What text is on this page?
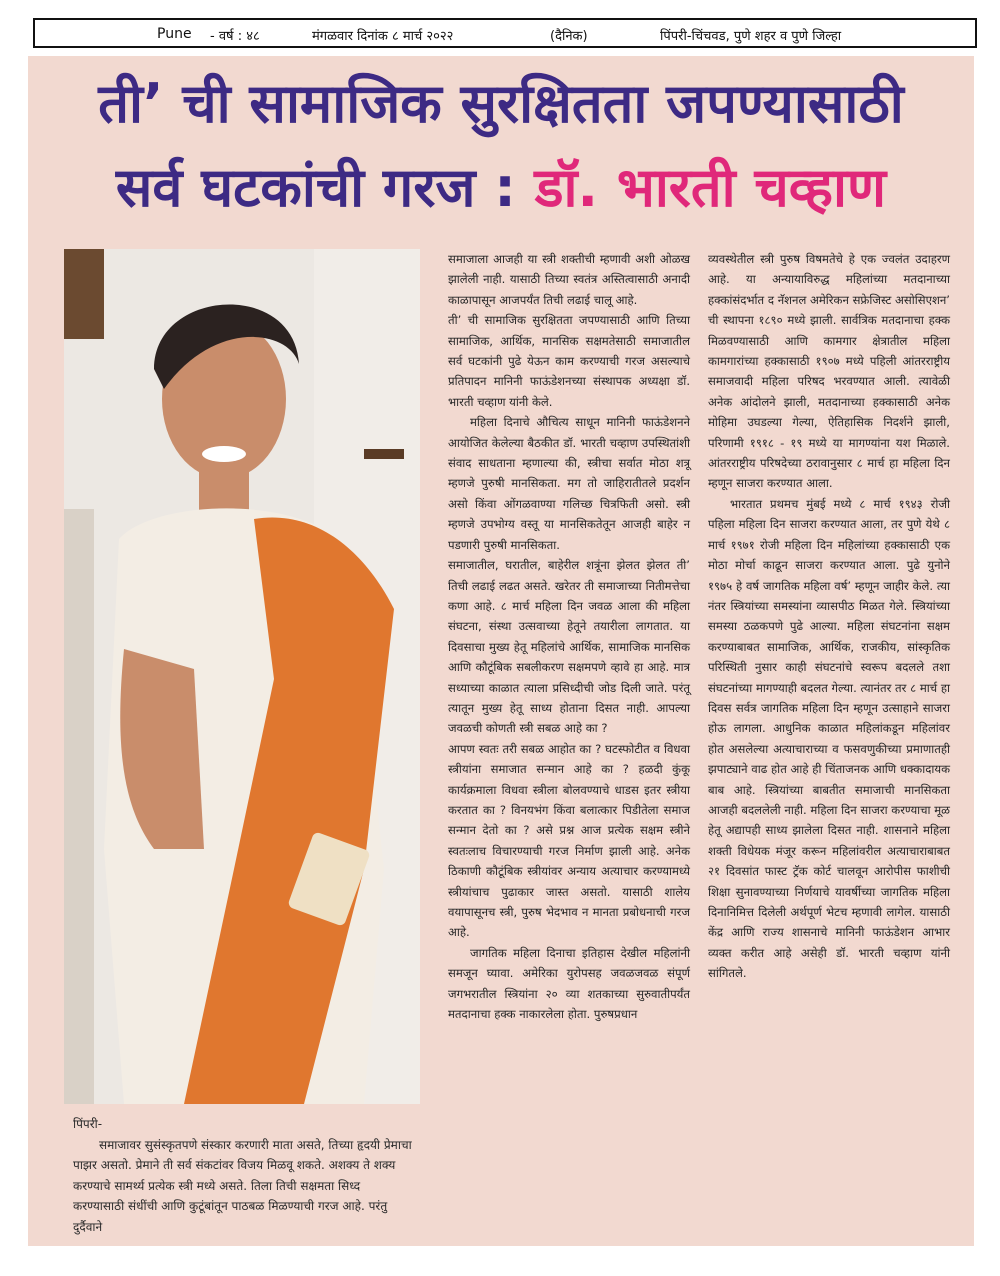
Pune - वर्ष : ४८	मंगळवार दिनांक ८ मार्च २०२२	(दैनिक)	पिंपरी-चिंचवड, पुणे शहर व पुणे जिल्हा
ती’ ची सामाजिक सुरक्षितता जपण्यासाठी
सर्व घटकांची गरज : डॉ. भारती चव्हाण

पिंपरी-

समाजावर सुसंस्कृतपणे संस्कार करणारी माता असते, तिच्या हृदयी प्रेमाचा पाझर असतो. प्रेमाने ती सर्व संकटांवर विजय मिळवू शकते. अशक्य ते शक्य करण्याचे सामर्थ्य प्रत्येक स्त्री मध्ये असते. तिला तिची सक्षमता सिध्द करण्यासाठी संधींची आणि कुटूंबांतून पाठबळ मिळण्याची गरज आहे. परंतु दुर्दैवाने

समाजाला आजही या स्त्री शक्तीची म्हणावी अशी ओळख झालेली नाही. यासाठी तिच्या स्वतंत्र अस्तित्वासाठी अनादी काळापासून आजपर्यंत तिची लढाई चालू आहे.

ती’ ची सामाजिक सुरक्षितता जपण्यासाठी आणि तिच्या सामाजिक, आर्थिक, मानसिक सक्षमतेसाठी समाजातील सर्व घटकांनी पुढे येऊन काम करण्याची गरज असल्याचे प्रतिपादन मानिनी फाऊंडेशनच्या संस्थापक अध्यक्षा डॉ. भारती चव्हाण यांनी केले.

महिला दिनाचे औचित्य साधून मानिनी फाऊंडेशनने आयोजित केलेल्या बैठकीत डॉ. भारती चव्हाण उपस्थितांशी संवाद साधताना म्हणाल्या की, स्त्रीचा सर्वात मोठा शत्रू म्हणजे पुरुषी मानसिकता. मग तो जाहिरातीतले प्रदर्शन असो किंवा ओंगळवाण्या गलिच्छ चित्रफिती असो. स्त्री म्हणजे उपभोग्य वस्तू या मानसिकतेतून आजही बाहेर न पडणारी पुरुषी मानसिकता.

समाजातील, घरातील, बाहेरील शत्रूंना झेलत झेलत ती’ तिची लढाई लढत असते. खरेतर ती समाजाच्या नितीमत्तेचा कणा आहे. ८ मार्च महिला दिन जवळ आला की महिला संघटना, संस्था उत्सवाच्या हेतूने तयारीला लागतात. या दिवसाचा मुख्य हेतू महिलांचे आर्थिक, सामाजिक मानसिक आणि कौटूंबिक सबलीकरण सक्षमपणे व्हावे हा आहे. मात्र सध्याच्या काळात त्याला प्रसिध्दीची जोड दिली जाते. परंतू त्यातून मुख्य हेतू साध्य होताना दिसत नाही. आपल्या जवळची कोणती स्त्री सबळ आहे का ?

आपण स्वतः तरी सबळ आहोत का ? घटस्फोटीत व विधवा स्त्रीयांना समाजात सन्मान आहे का ? हळदी कुंकू कार्यक्रमाला विधवा स्त्रीला बोलवण्याचे धाडस इतर स्त्रीया करतात का ? विनयभंग किंवा बलात्कार पिडीतेला समाज सन्मान देतो का ? असे प्रश्न आज प्रत्येक सक्षम स्त्रीने स्वतःलाच विचारण्याची गरज निर्माण झाली आहे. अनेक ठिकाणी कौटूंबिक स्त्रीयांवर अन्याय अत्याचार करण्यामध्ये स्त्रीयांचाच पुढाकार जास्त असतो. यासाठी शालेय वयापासूनच स्त्री, पुरुष भेदभाव न मानता प्रबोधनाची गरज आहे.

जागतिक महिला दिनाचा इतिहास देखील महिलांनी समजून घ्यावा. अमेरिका युरोपसह जवळजवळ संपूर्ण जगभरातील स्त्रियांना २० व्या शतकाच्या सुरुवातीपर्यंत मतदानाचा हक्क नाकारलेला होता. पुरुषप्रधान

व्यवस्थेतील स्त्री पुरुष विषमतेचे हे एक ज्वलंत उदाहरण आहे. या अन्यायाविरुद्ध महिलांच्या मतदानाच्या हक्कांसंदर्भात द नॅशनल अमेरिकन सफ्रेजिस्ट असोसिएशन’ ची स्थापना १८९० मध्ये झाली. सार्वत्रिक मतदानाचा हक्क मिळवण्यासाठी आणि कामगार क्षेत्रातील महिला कामगारांच्या हक्कासाठी १९०७ मध्ये पहिली आंतरराष्ट्रीय समाजवादी महिला परिषद भरवण्यात आली. त्यावेळी अनेक आंदोलने झाली, मतदानाच्या हक्कासाठी अनेक मोहिमा उघडल्या गेल्या, ऐतिहासिक निदर्शने झाली, परिणामी १९१८ - १९ मध्ये या मागण्यांना यश मिळाले. आंतरराष्ट्रीय परिषदेच्या ठरावानुसार ८ मार्च हा महिला दिन म्हणून साजरा करण्यात आला.

भारतात प्रथमच मुंबई मध्ये ८ मार्च १९४३ रोजी पहिला महिला दिन साजरा करण्यात आला, तर पुणे येथे ८ मार्च १९७१ रोजी महिला दिन महिलांच्या हक्कासाठी एक मोठा मोर्चा काढून साजरा करण्यात आला. पुढे युनोने १९७५ हे वर्ष जागतिक महिला वर्ष’ म्हणून जाहीर केले. त्या नंतर स्त्रियांच्या समस्यांना व्यासपीठ मिळत गेले. स्त्रियांच्या समस्या ठळकपणे पुढे आल्या. महिला संघटनांना सक्षम करण्याबाबत सामाजिक, आर्थिक, राजकीय, सांस्कृतिक परिस्थिती नुसार काही संघटनांचे स्वरूप बदलले तशा संघटनांच्या मागण्याही बदलत गेल्या. त्यानंतर तर ८ मार्च हा दिवस सर्वत्र जागतिक महिला दिन म्हणून उत्साहाने साजरा होऊ लागला. आधुनिक काळात महिलांकडून महिलांवर होत असलेल्या अत्याचाराच्या व फसवणुकीच्या प्रमाणातही झपाट्याने वाढ होत आहे ही चिंताजनक आणि धक्कादायक बाब आहे. स्त्रियांच्या बाबतीत समाजाची मानसिकता आजही बदललेली नाही. महिला दिन साजरा करण्याचा मूळ हेतू अद्यापही साध्य झालेला दिसत नाही. शासनाने महिला शक्ती विधेयक मंजूर करून महिलांवरील अत्याचाराबाबत २१ दिवसांत फास्ट ट्रॅक कोर्ट चालवून आरोपीस फाशीची शिक्षा सुनावण्याच्या निर्णयाचे यावर्षीच्या जागतिक महिला दिनानिमित्त दिलेली अर्थपूर्ण भेटच म्हणावी लागेल. यासाठी केंद्र आणि राज्य शासनाचे मानिनी फाऊंडेशन आभार व्यक्त करीत आहे असेही डॉ. भारती चव्हाण यांनी सांगितले.
